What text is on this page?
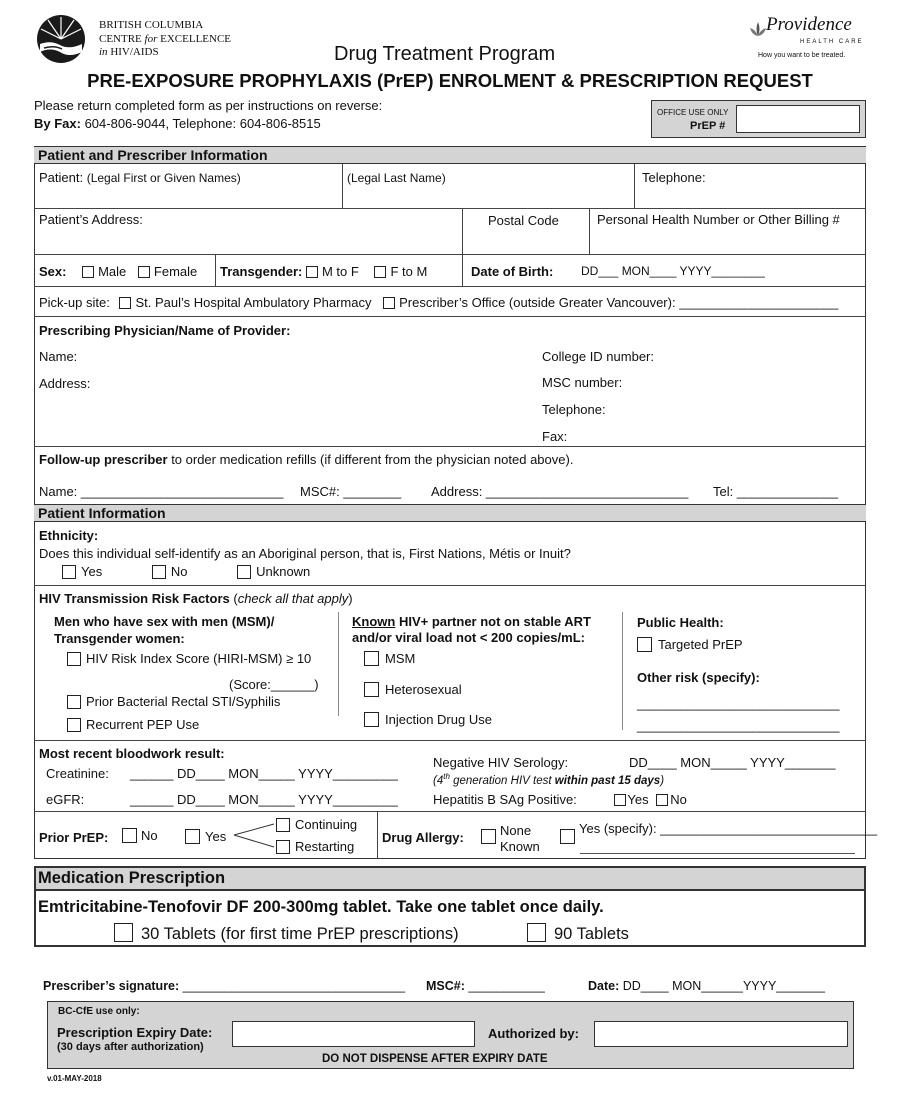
BRITISH COLUMBIA
CENTRE for EXCELLENCE
in HIV/AIDS	Drug Treatment Program
PRE-EXPOSURE PROPHYLAXIS (PrEP) ENROLMENT & PRESCRIPTION REQUEST
Providence
HEALTH CARE
How you want to be treated.
Please return completed form as per instructions on reverse:
By Fax: 604-806-9044, Telephone: 604-806-8515
OFFICE USE ONLY
PrEP #
Patient and Prescriber Information
Patient: (Legal First or Given Names)	(Legal Last Name)	Telephone:
Patient’s Address:	Postal Code	Personal Health Number or Other Billing #
Sex: Male Female Transgender: M to F F to M	Date of Birth: DD___ MON____ YYYY________
Pick-up site: St. Paul’s Hospital Ambulatory Pharmacy Prescriber’s Office (outside Greater Vancouver): ______________________
Prescribing Physician/Name of Provider:
Name:
Address:
College ID number:
MSC number:
Telephone:
Fax:
Follow-up prescriber to order medication refills (if different from the physician noted above).
Name: ____________________________ MSC#: ________ Address: ____________________________ Tel: ______________
Patient Information
Ethnicity:
Does this individual self-identify as an Aboriginal person, that is, First Nations, Métis or Inuit?
Yes	No	Unknown
HIV Transmission Risk Factors (check all that apply)
Men who have sex with men (MSM)/
Transgender women:
HIV Risk Index Score (HIRI-MSM) ≥ 10
(Score:______)
Prior Bacterial Rectal STI/Syphilis
Recurrent PEP Use
Known HIV+ partner not on stable ART
and/or viral load not < 200 copies/mL:
MSM
Heterosexual
Injection Drug Use
Public Health:
Targeted PrEP
Other risk (specify):
____________________________
____________________________
Most recent bloodwork result:
Creatinine: ______ DD____ MON_____ YYYY_________
eGFR:	______ DD____ MON_____ YYYY_________
Negative HIV Serology:	DD____ MON_____ YYYY_______
(4th generation HIV test within past 15 days)
Hepatitis B SAg Positive:	Yes No
Prior PrEP:	No	Yes
Continuing
Restarting
Drug Allergy:	None
Known
Yes (specify): ______________________________
Medication Prescription
Emtricitabine-Tenofovir DF 200-300mg tablet. Take one tablet once daily.
30 Tablets (for first time PrEP prescriptions)	90 Tablets
Prescriber’s signature: ________________________________ MSC#: ___________	Date: DD____ MON______YYYY_______
BC-CfE use only:
Prescription Expiry Date:
(30 days after authorization)
Authorized by:
DO NOT DISPENSE AFTER EXPIRY DATE
v.01-MAY-2018
